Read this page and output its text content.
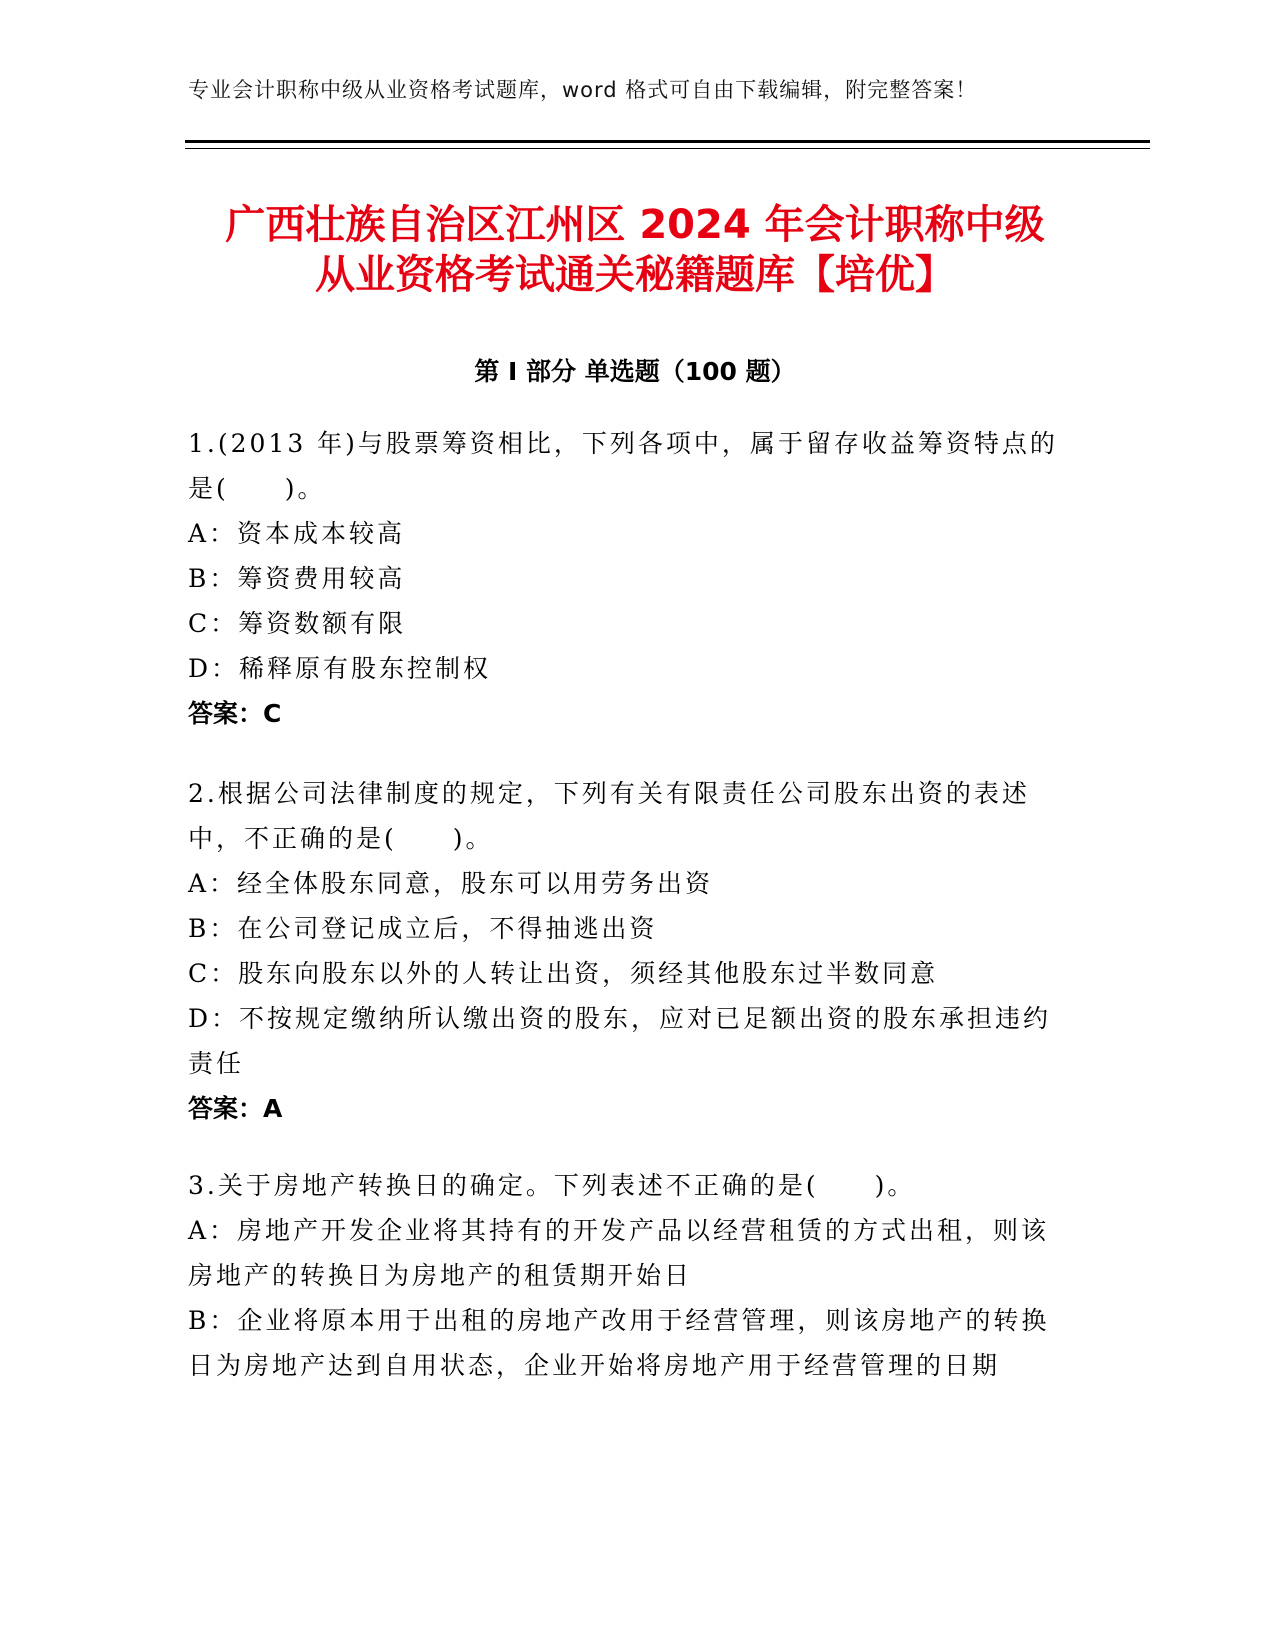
专业会计职称中级从业资格考试题库，word 格式可自由下载编辑，附完整答案！
广西壮族自治区江州区 2024 年会计职称中级
从业资格考试通关秘籍题库【培优】
第 I 部分 单选题（100 题）

1.(2013 年)与股票筹资相比，下列各项中，属于留存收益筹资特点的是(　　)。

A：资本成本较高

B：筹资费用较高

C：筹资数额有限

D：稀释原有股东控制权

答案：C

2.根据公司法律制度的规定，下列有关有限责任公司股东出资的表述中，不正确的是(　　)。

A：经全体股东同意，股东可以用劳务出资

B：在公司登记成立后，不得抽逃出资

C：股东向股东以外的人转让出资，须经其他股东过半数同意

D：不按规定缴纳所认缴出资的股东，应对已足额出资的股东承担违约责任

答案：A

3.关于房地产转换日的确定。下列表述不正确的是(　　)。

A：房地产开发企业将其持有的开发产品以经营租赁的方式出租，则该房地产的转换日为房地产的租赁期开始日

B：企业将原本用于出租的房地产改用于经营管理，则该房地产的转换日为房地产达到自用状态，企业开始将房地产用于经营管理的日期
